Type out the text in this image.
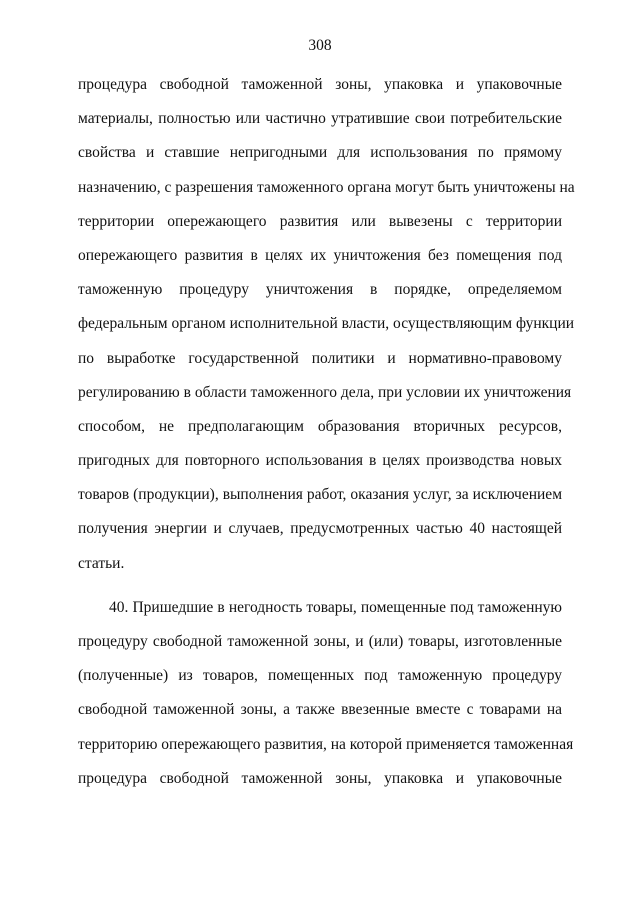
308
процедура свободной таможенной зоны, упаковка и упаковочные
материалы, полностью или частично утратившие свои потребительские
свойства и ставшие непригодными для использования по прямому
назначению, с разрешения таможенного органа могут быть уничтожены на
территории опережающего развития или вывезены с территории
опережающего развития в целях их уничтожения без помещения под
таможенную процедуру уничтожения в порядке, определяемом
федеральным органом исполнительной власти, осуществляющим функции
по выработке государственной политики и нормативно-правовому
регулированию в области таможенного дела, при условии их уничтожения
способом, не предполагающим образования вторичных ресурсов,
пригодных для повторного использования в целях производства новых
товаров (продукции), выполнения работ, оказания услуг, за исключением
получения энергии и случаев, предусмотренных частью 40 настоящей
статьи.
40. Пришедшие в негодность товары, помещенные под таможенную
процедуру свободной таможенной зоны, и (или) товары, изготовленные
(полученные) из товаров, помещенных под таможенную процедуру
свободной таможенной зоны, а также ввезенные вместе с товарами на
территорию опережающего развития, на которой применяется таможенная
процедура свободной таможенной зоны, упаковка и упаковочные
